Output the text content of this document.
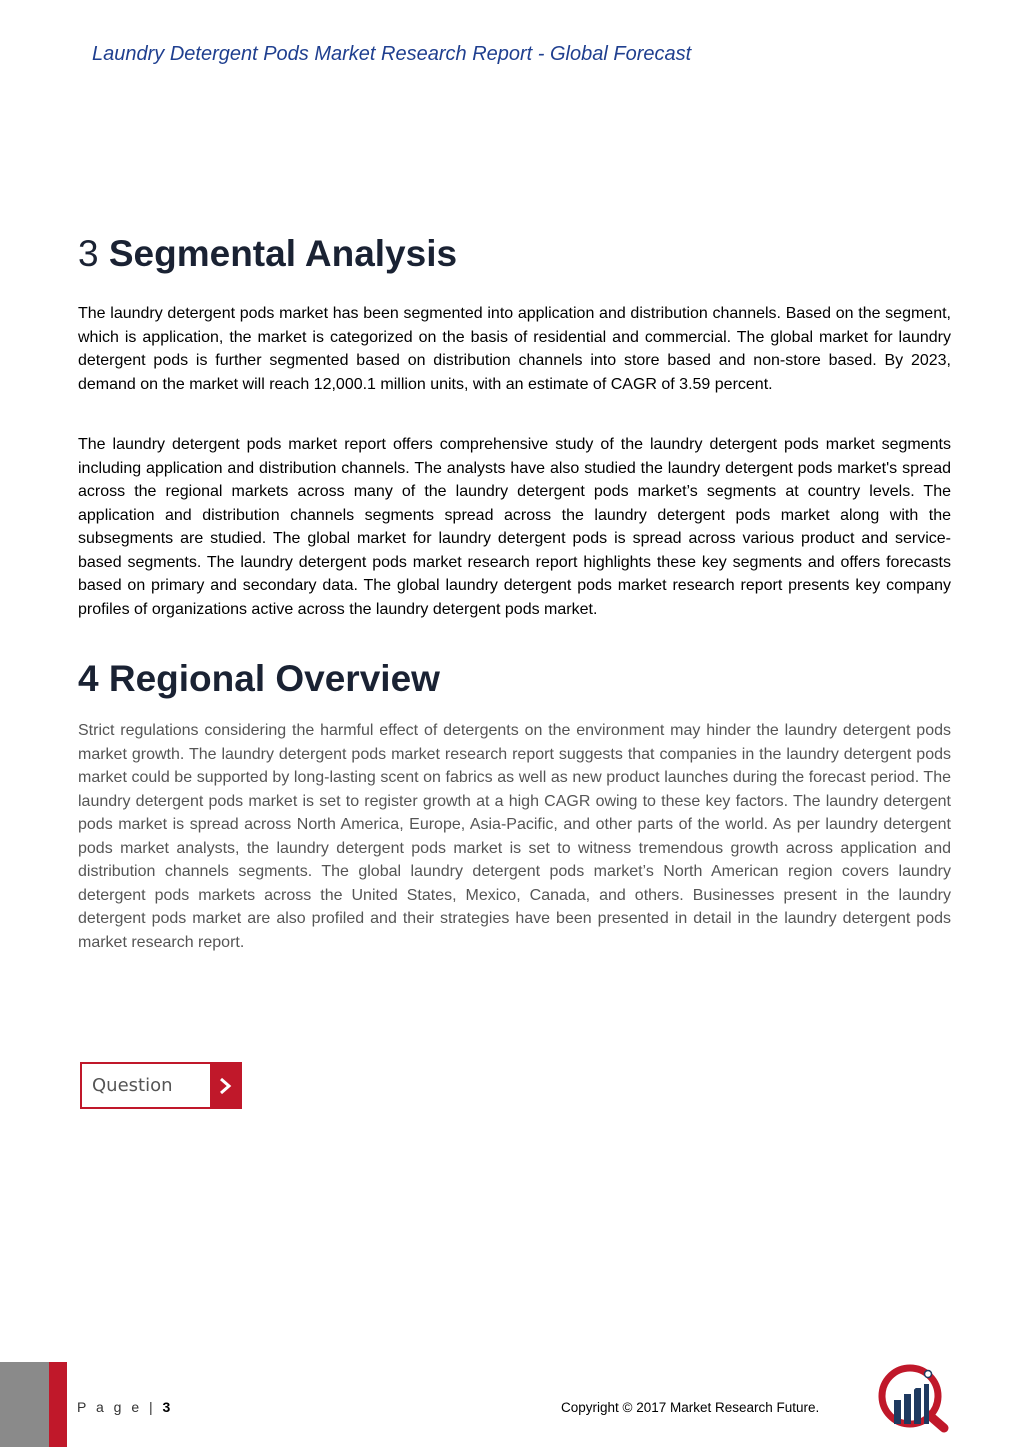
Laundry Detergent Pods Market Research Report - Global Forecast
3 Segmental Analysis

The laundry detergent pods market has been segmented into application and distribution channels. Based on the segment, which is application, the market is categorized on the basis of residential and commercial. The global market for laundry detergent pods is further segmented based on distribution channels into store based and non-store based. By 2023, demand on the market will reach 12,000.1 million units, with an estimate of CAGR of 3.59 percent.

The laundry detergent pods market report offers comprehensive study of the laundry detergent pods market segments including application and distribution channels. The analysts have also studied the laundry detergent pods market's spread across the regional markets across many of the laundry detergent pods market’s segments at country levels. The application and distribution channels segments spread across the laundry detergent pods market along with the subsegments are studied. The global market for laundry detergent pods is spread across various product and service-based segments. The laundry detergent pods market research report highlights these key segments and offers forecasts based on primary and secondary data. The global laundry detergent pods market research report presents key company profiles of organizations active across the laundry detergent pods market.

4 Regional Overview

Strict regulations considering the harmful effect of detergents on the environment may hinder the laundry detergent pods market growth. The laundry detergent pods market research report suggests that companies in the laundry detergent pods market could be supported by long-lasting scent on fabrics as well as new product launches during the forecast period. The laundry detergent pods market is set to register growth at a high CAGR owing to these key factors. The laundry detergent pods market is spread across North America, Europe, Asia-Pacific, and other parts of the world. As per laundry detergent pods market analysts, the laundry detergent pods market is set to witness tremendous growth across application and distribution channels segments. The global laundry detergent pods market’s North American region covers laundry detergent pods markets across the United States, Mexico, Canada, and others. Businesses present in the laundry detergent pods market are also profiled and their strategies have been presented in detail in the laundry detergent pods market research report.

Question
P a g e | 3	Copyright © 2017 Market Research Future.
